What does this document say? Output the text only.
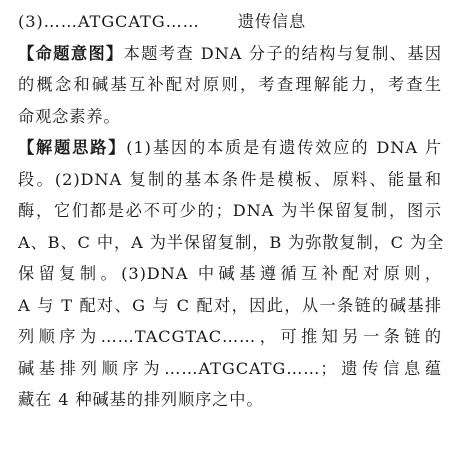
(3)……ATGCATG…… 遗传信息
【命题意图】本题考查 DNA 分子的结构与复制、基因
的概念和碱基互补配对原则，考查理解能力，考查生
命观念素养。
【解题思路】(1)基因的本质是有遗传效应的 DNA 片
段。(2)DNA 复制的基本条件是模板、原料、能量和
酶，它们都是必不可少的；DNA 为半保留复制，图示
A、B、C 中，A 为半保留复制，B 为弥散复制，C 为全
保留复制。(3)DNA 中碱基遵循互补配对原则，
A 与 T 配对、G 与 C 配对，因此，从一条链的碱基排
列顺序为……TACGTAC……，可推知另一条链的
碱基排列顺序为……ATGCATG……；遗传信息蕴
藏在 4 种碱基的排列顺序之中。
